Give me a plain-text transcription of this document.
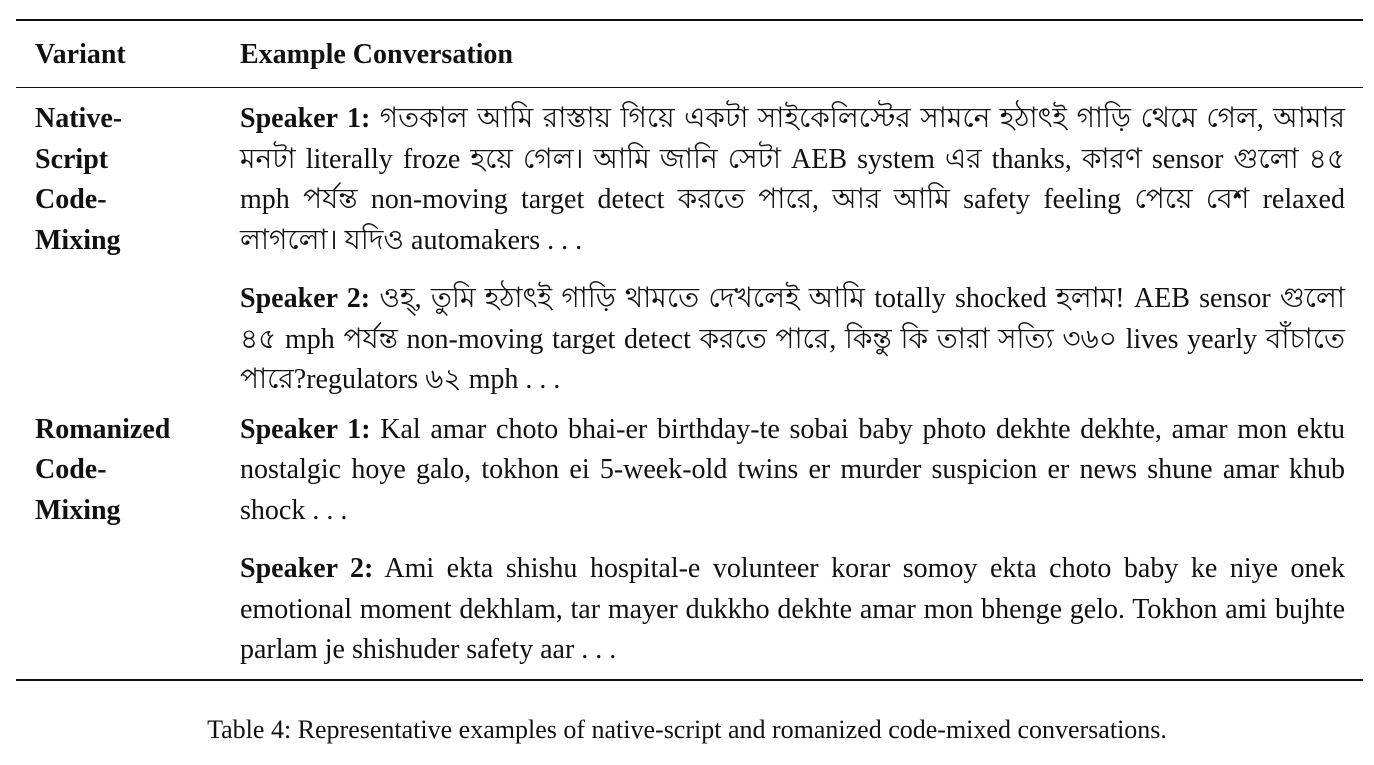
Variant	Example Conversation
Native-
Script
Code-
Mixing
Speaker 1: গতকাল আমি রাস্তায় গিয়ে একটা সাইকেলিস্টের সামনে হঠাৎই গাড়ি থেমে গেল, আমার মনটা literally froze হয়ে গেল। আমি জানি সেটা AEB system এর thanks, কারণ sensor গুলো ৪৫ mph পর্যন্ত non-moving target detect করতে পারে, আর আমি safety feeling পেয়ে বেশ relaxed লাগলো। যদিও automakers . . .
Speaker 2: ওহ্, তুমি হঠাৎই গাড়ি থামতে দেখলেই আমি totally shocked হলাম! AEB sensor গুলো ৪৫ mph পর্যন্ত non-moving target detect করতে পারে, কিন্তু কি তারা সত্যি ৩৬০ lives yearly বাঁচাতে পারে?regulators ৬২ mph . . .
Romanized
Code-
Mixing
Speaker 1: Kal amar choto bhai-er birthday-te sobai baby photo dekhte dekhte, amar mon ektu nostalgic hoye galo, tokhon ei 5-week-old twins er murder suspicion er news shune amar khub shock . . .
Speaker 2: Ami ekta shishu hospital-e volunteer korar somoy ekta choto baby ke niye onek emotional moment dekhlam, tar mayer dukkho dekhte amar mon bhenge gelo. Tokhon ami bujhte parlam je shishuder safety aar . . .
Table 4: Representative examples of native-script and romanized code-mixed conversations.
